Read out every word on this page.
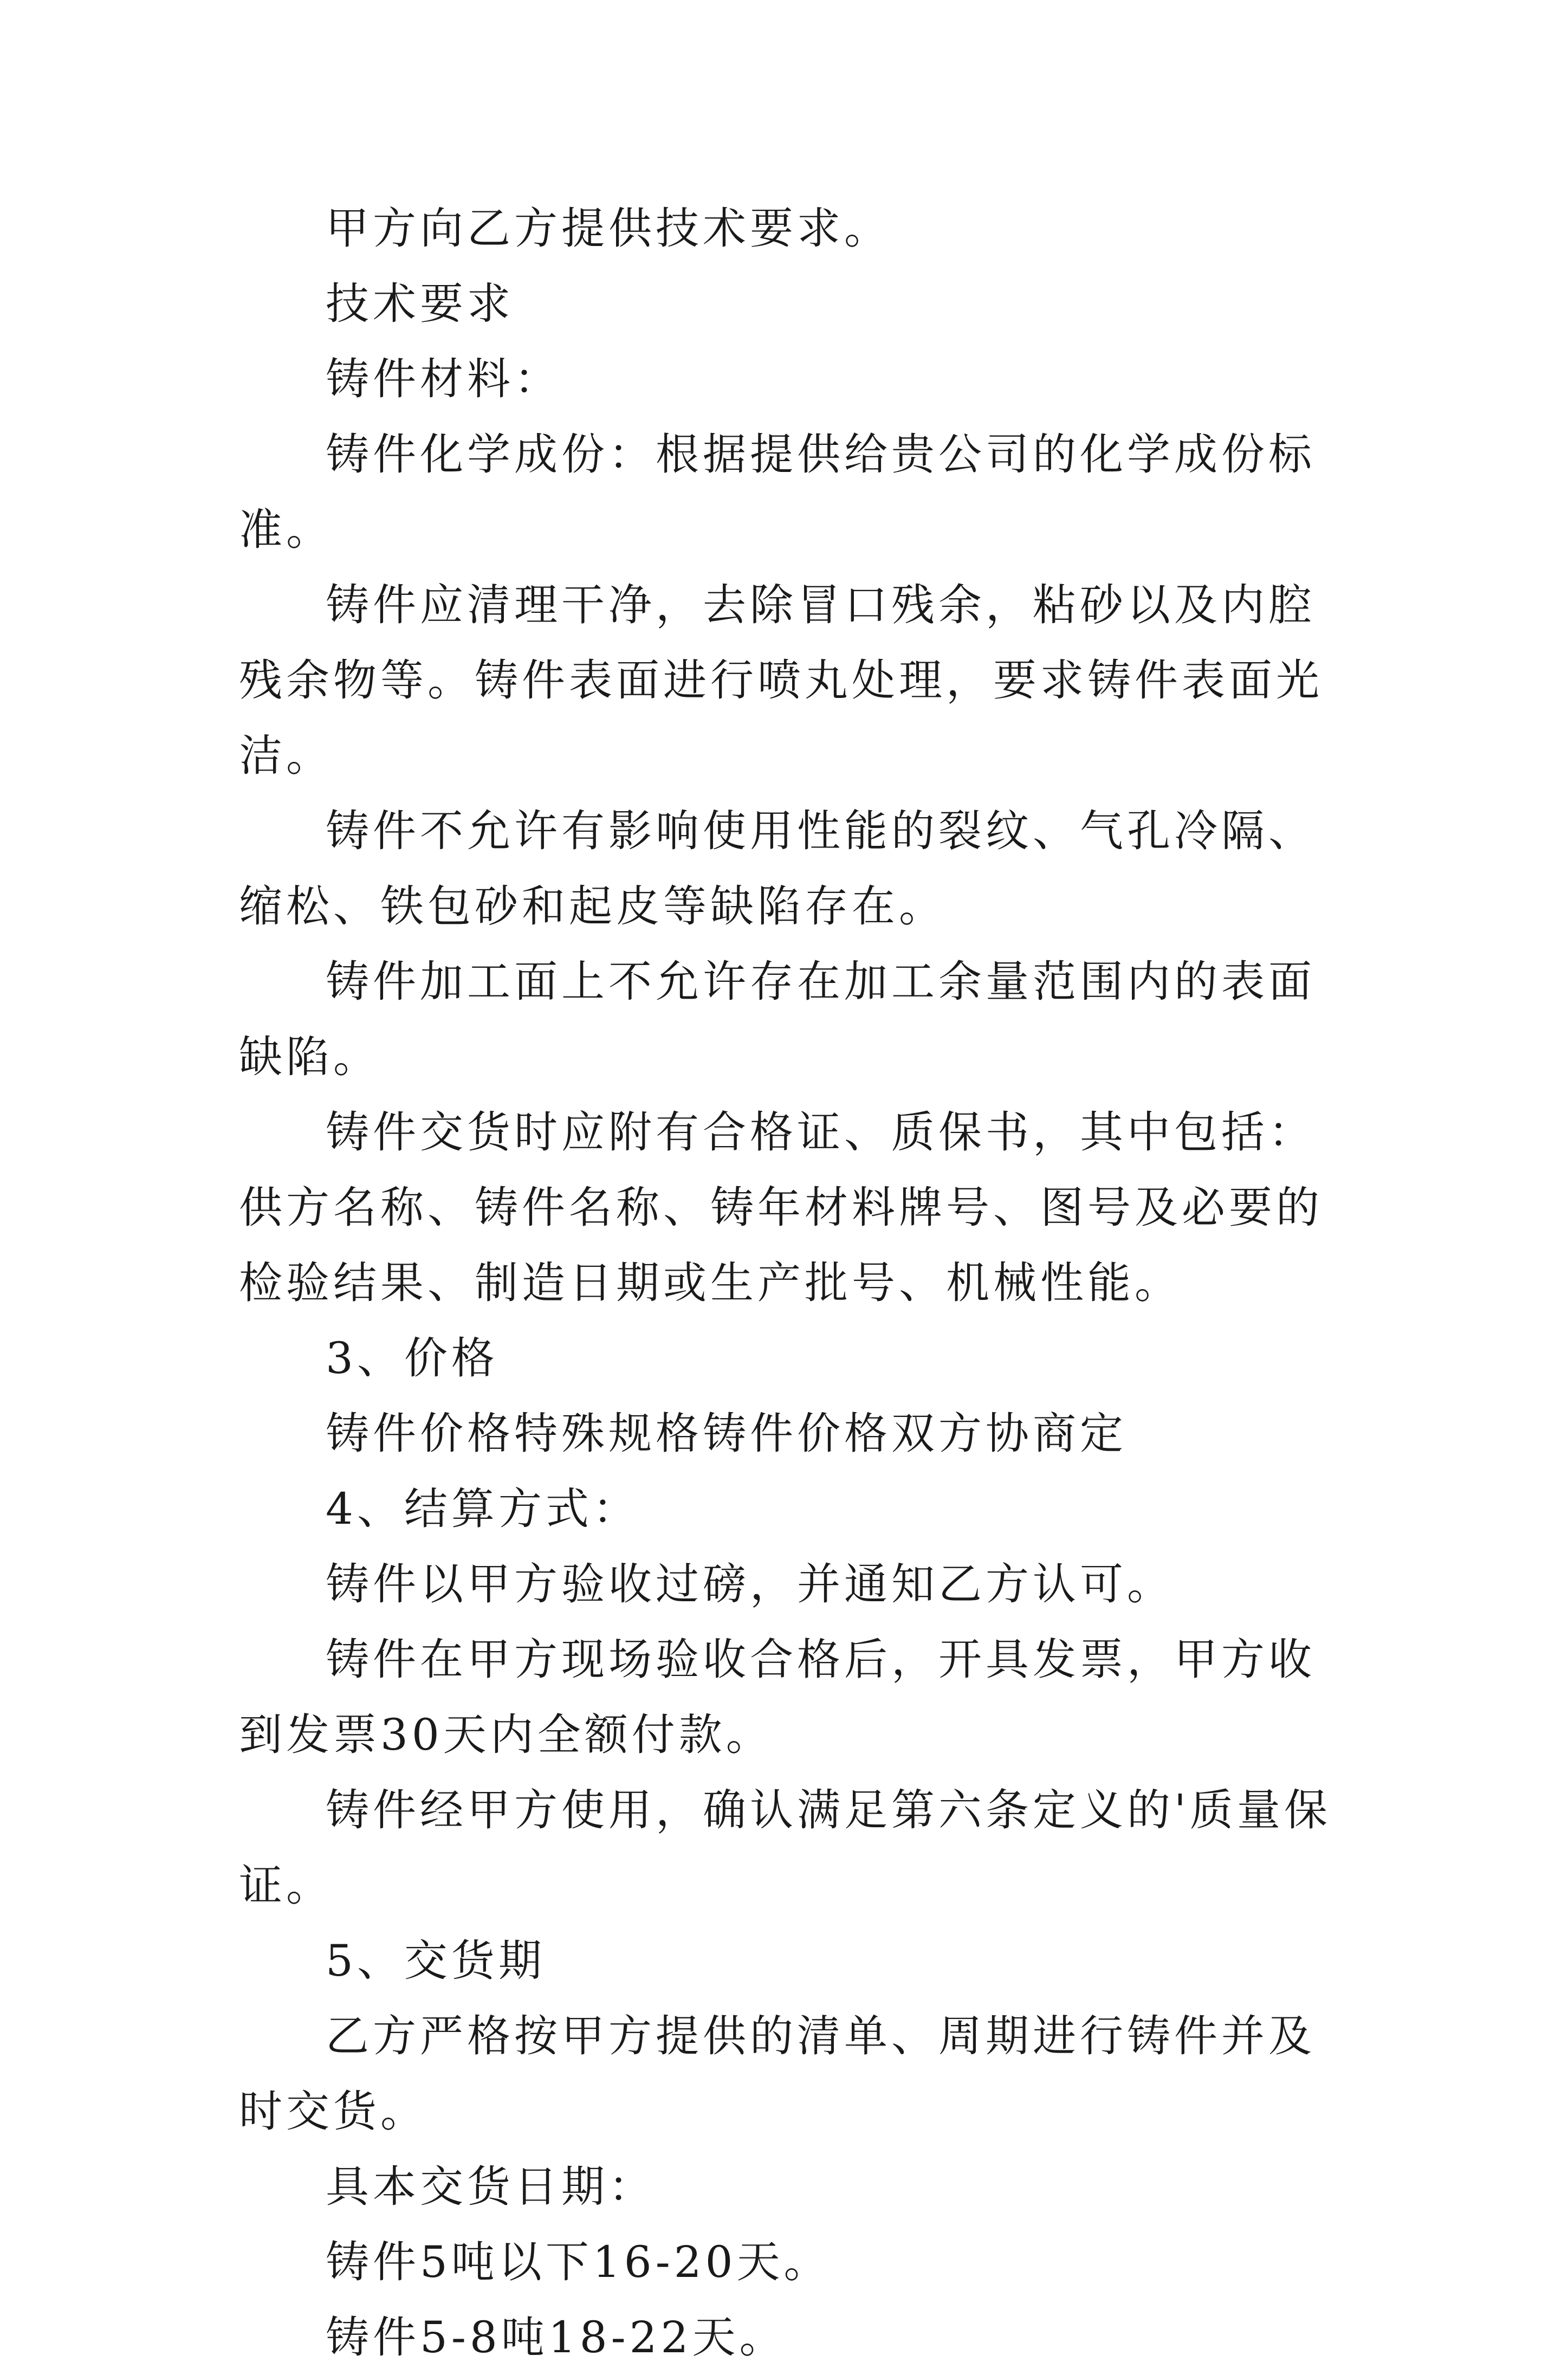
甲方向乙方提供技术要求。

技术要求

铸件材料：

铸件化学成份：根据提供给贵公司的化学成份标准。

铸件应清理干净，去除冒口残余，粘砂以及内腔残余物等。铸件表面进行喷丸处理，要求铸件表面光洁。

铸件不允许有影响使用性能的裂纹、气孔冷隔、缩松、铁包砂和起皮等缺陷存在。

铸件加工面上不允许存在加工余量范围内的表面缺陷。

铸件交货时应附有合格证、质保书，其中包括：供方名称、铸件名称、铸年材料牌号、图号及必要的检验结果、制造日期或生产批号、机械性能。

3、价格

铸件价格特殊规格铸件价格双方协商定

4、结算方式：

铸件以甲方验收过磅，并通知乙方认可。

铸件在甲方现场验收合格后，开具发票，甲方收到发票30天内全额付款。

铸件经甲方使用，确认满足第六条定义的'质量保证。

5、交货期

乙方严格按甲方提供的清单、周期进行铸件并及时交货。

具本交货日期：

铸件5吨以下16-20天。

铸件5-8吨18-22天。
